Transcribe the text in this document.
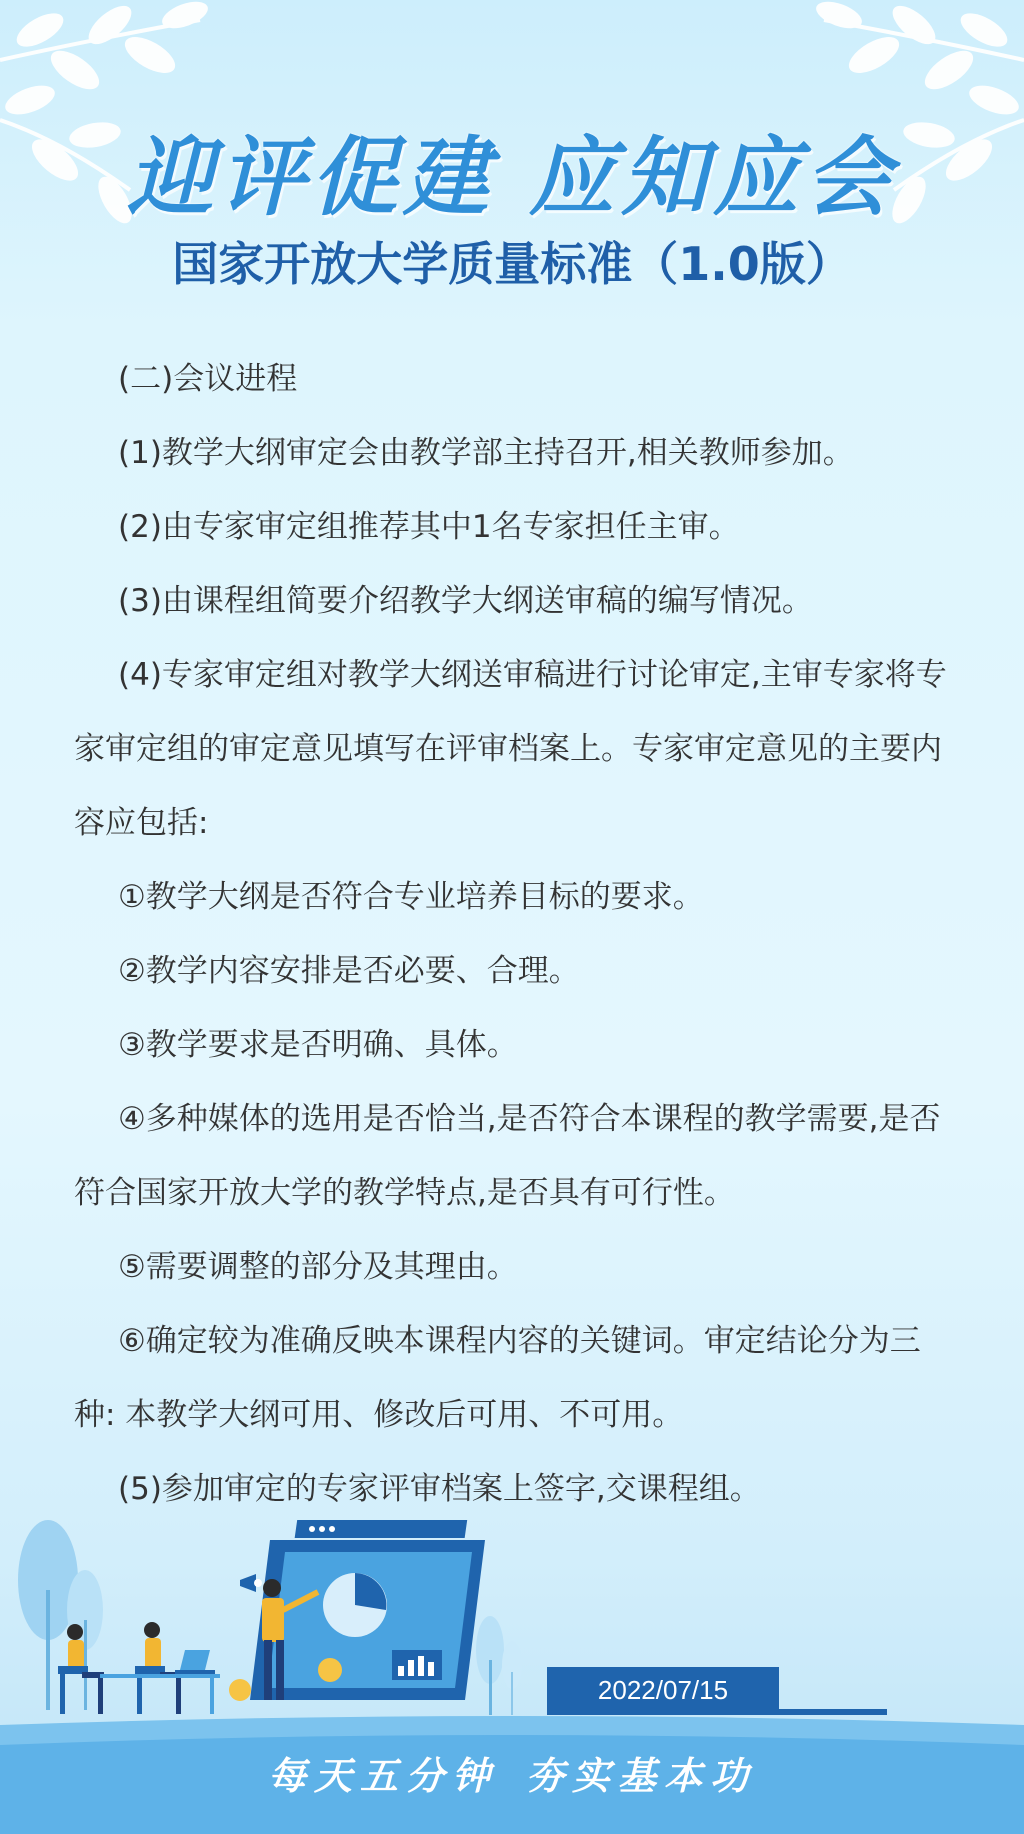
迎评促建 应知应会
国家开放大学质量标准（1.0版）

(二)会议进程

(1)教学大纲审定会由教学部主持召开,相关教师参加。

(2)由专家审定组推荐其中1名专家担任主审。

(3)由课程组简要介绍教学大纲送审稿的编写情况。

(4)专家审定组对教学大纲送审稿进行讨论审定,主审专家将专家审定组的审定意见填写在评审档案上。专家审定意见的主要内容应包括:

①教学大纲是否符合专业培养目标的要求。

②教学内容安排是否必要、合理。

③教学要求是否明确、具体。

④多种媒体的选用是否恰当,是否符合本课程的教学需要,是否符合国家开放大学的教学特点,是否具有可行性。

⑤需要调整的部分及其理由。

⑥确定较为准确反映本课程内容的关键词。审定结论分为三种: 本教学大纲可用、修改后可用、不可用。

(5)参加审定的专家评审档案上签字,交课程组。

2022/07/15
每天五分钟 夯实基本功
